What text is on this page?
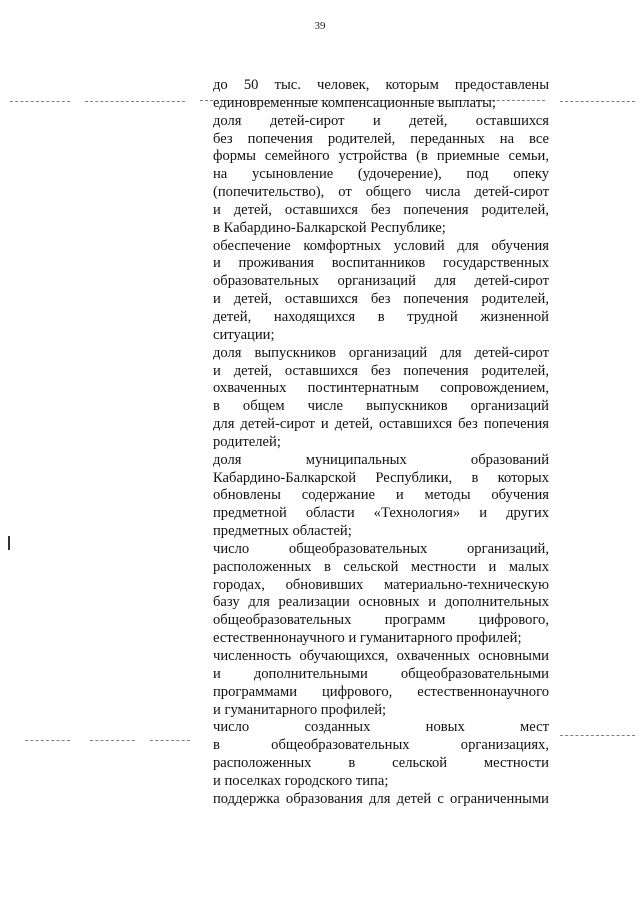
39
до 50 тыс. человек, которым предоставлены
единовременные компенсационные выплаты;
доля детей-сирот и детей, оставшихся
без попечения родителей, переданных на все
формы семейного устройства (в приемные семьи,
на усыновление (удочерение), под опеку
(попечительство), от общего числа детей-сирот
и детей, оставшихся без попечения родителей,
в Кабардино-Балкарской Республике;
обеспечение комфортных условий для обучения
и проживания воспитанников государственных
образовательных организаций для детей-сирот
и детей, оставшихся без попечения родителей,
детей, находящихся в трудной жизненной
ситуации;
доля выпускников организаций для детей-сирот
и детей, оставшихся без попечения родителей,
охваченных постинтернатным сопровождением,
в общем числе выпускников организаций
для детей-сирот и детей, оставшихся без попечения
родителей;
доля муниципальных образований
Кабардино-Балкарской Республики, в которых
обновлены содержание и методы обучения
предметной области «Технология» и других
предметных областей;
число общеобразовательных организаций,
расположенных в сельской местности и малых
городах, обновивших материально-техническую
базу для реализации основных и дополнительных
общеобразовательных программ цифрового,
естественнонаучного и гуманитарного профилей;
численность обучающихся, охваченных основными
и дополнительными общеобразовательными
программами цифрового, естественнонаучного
и гуманитарного профилей;
число созданных новых мест
в общеобразовательных организациях,
расположенных в сельской местности
и поселках городского типа;
поддержка образования для детей с ограниченными
